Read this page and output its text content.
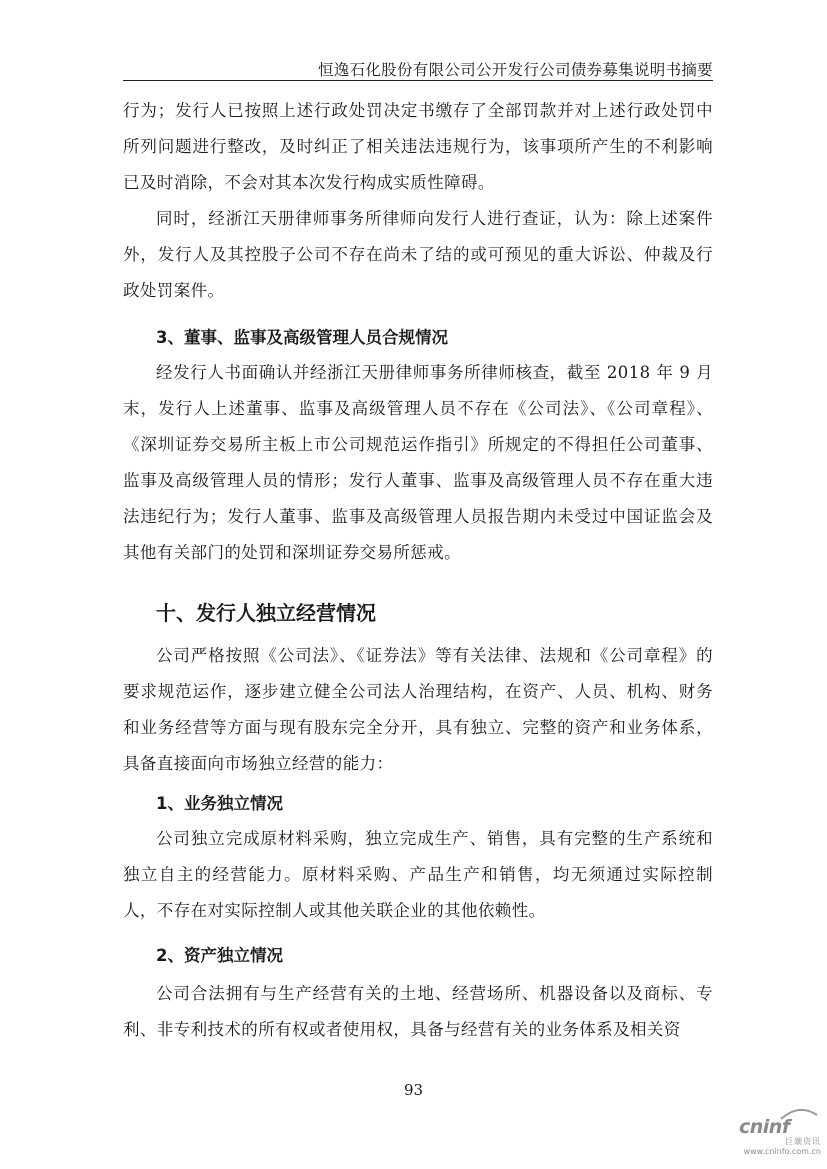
恒逸石化股份有限公司公开发行公司债券募集说明书摘要
行为；发行人已按照上述行政处罚决定书缴存了全部罚款并对上述行政处罚中所列问题进行整改，及时纠正了相关违法违规行为，该事项所产生的不利影响已及时消除，不会对其本次发行构成实质性障碍。
同时，经浙江天册律师事务所律师向发行人进行查证，认为：除上述案件外，发行人及其控股子公司不存在尚未了结的或可预见的重大诉讼、仲裁及行政处罚案件。
3、董事、监事及高级管理人员合规情况
经发行人书面确认并经浙江天册律师事务所律师核查，截至 2018 年 9 月末，发行人上述董事、监事及高级管理人员不存在《公司法》、《公司章程》、《深圳证券交易所主板上市公司规范运作指引》所规定的不得担任公司董事、监事及高级管理人员的情形；发行人董事、监事及高级管理人员不存在重大违法违纪行为；发行人董事、监事及高级管理人员报告期内未受过中国证监会及其他有关部门的处罚和深圳证券交易所惩戒。
十、发行人独立经营情况
公司严格按照《公司法》、《证券法》等有关法律、法规和《公司章程》的要求规范运作，逐步建立健全公司法人治理结构，在资产、人员、机构、财务和业务经营等方面与现有股东完全分开，具有独立、完整的资产和业务体系，具备直接面向市场独立经营的能力：
1、业务独立情况
公司独立完成原材料采购，独立完成生产、销售，具有完整的生产系统和独立自主的经营能力。原材料采购、产品生产和销售，均无须通过实际控制人，不存在对实际控制人或其他关联企业的其他依赖性。
2、资产独立情况
公司合法拥有与生产经营有关的土地、经营场所、机器设备以及商标、专利、非专利技术的所有权或者使用权，具备与经营有关的业务体系及相关资
93
cninf
巨潮资讯
www.cninfo.com.cn
